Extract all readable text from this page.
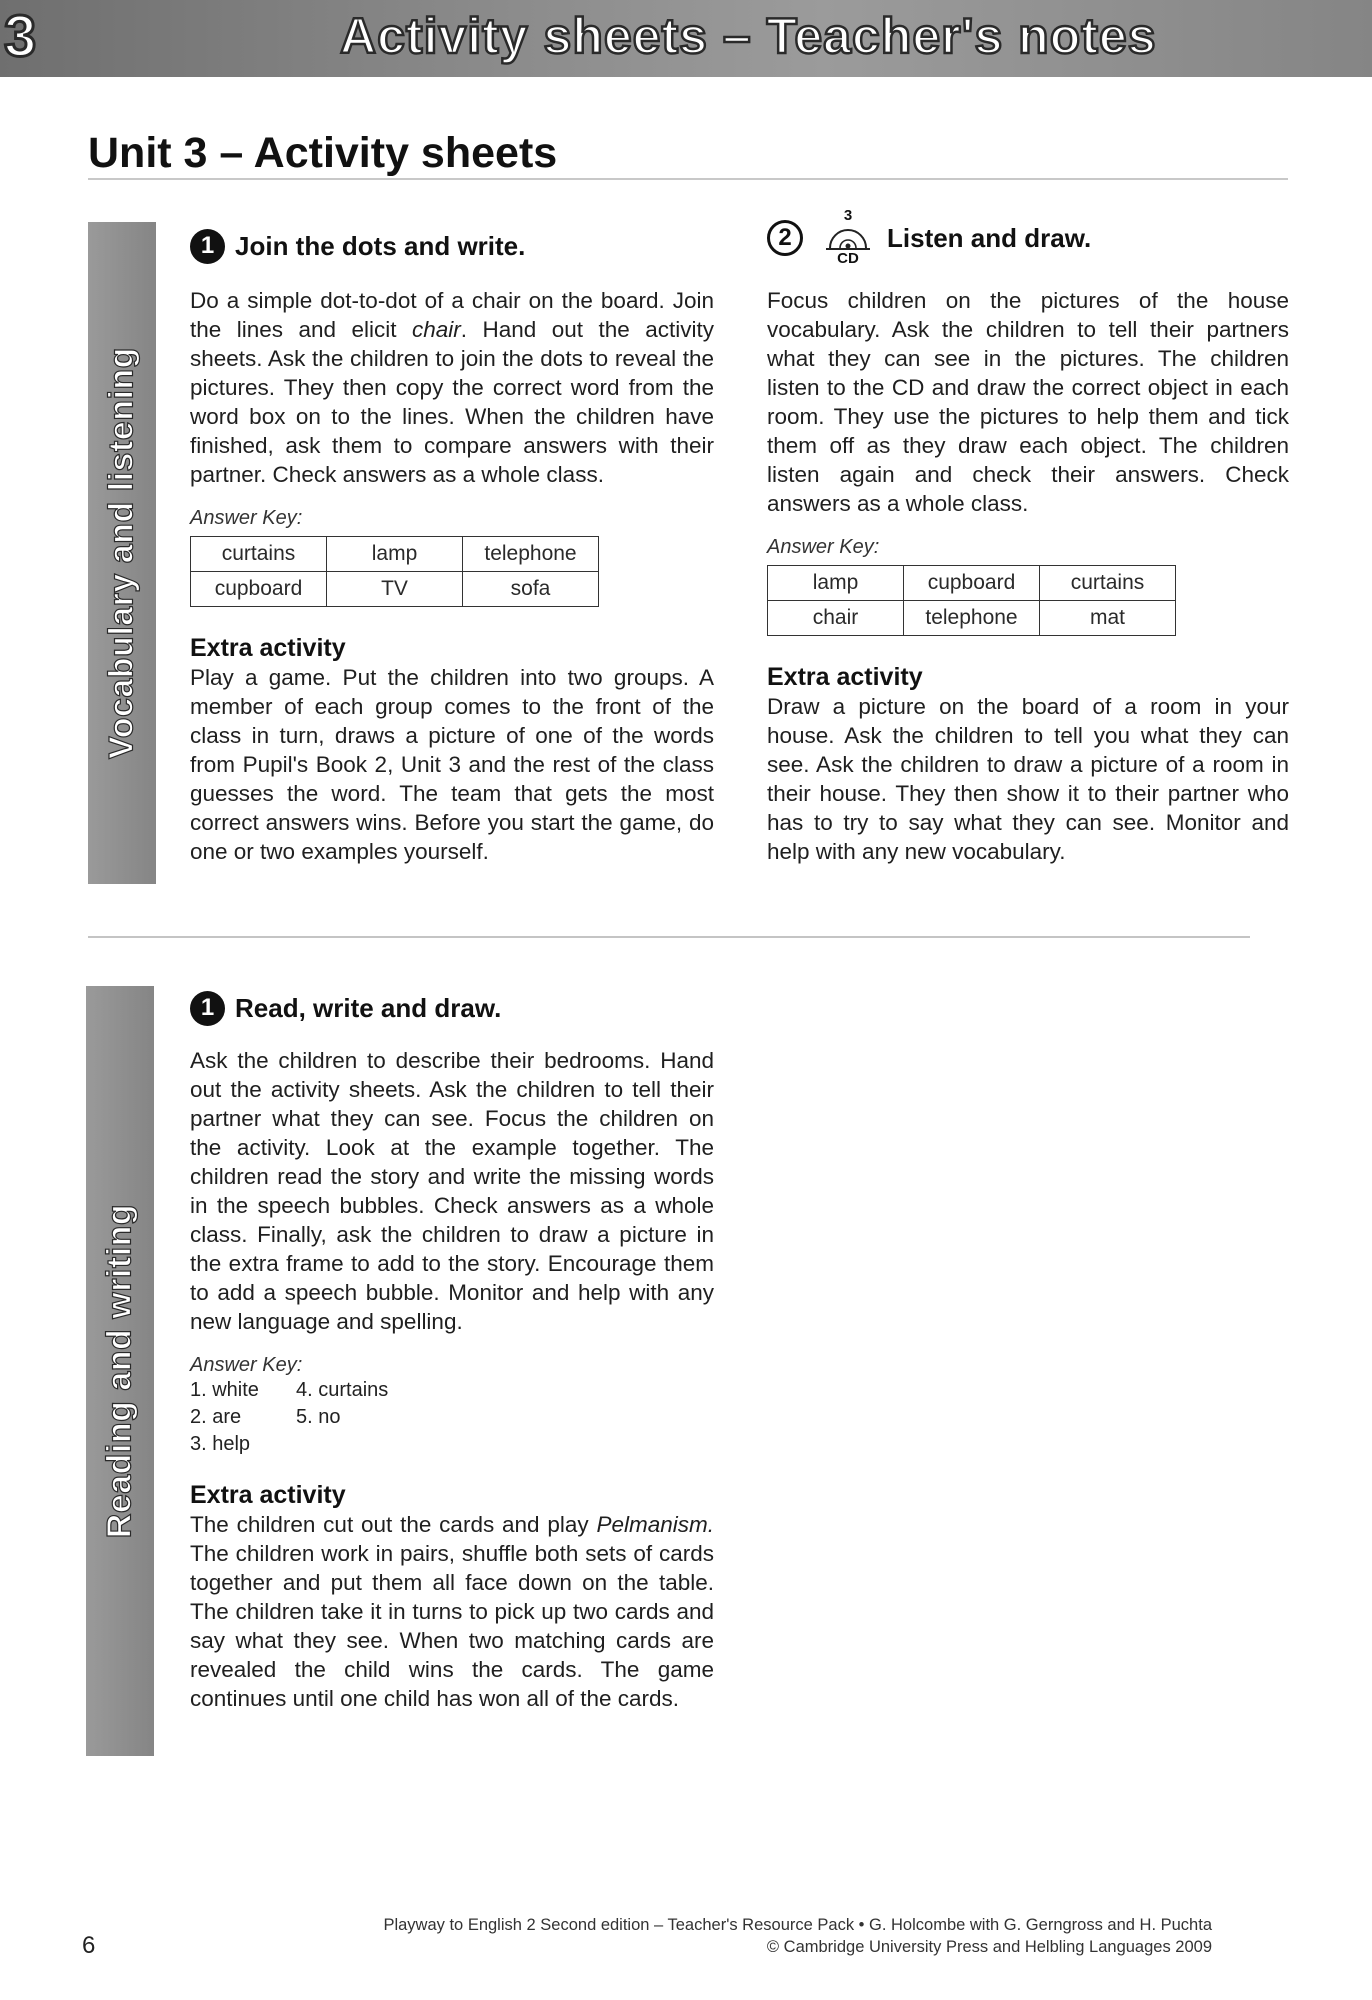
3	Activity sheets – Teacher's notes
Unit 3 – Activity sheets
Vocabulary and listening
Reading and writing
1 Join the dots and write.

Do a simple dot-to-dot of a chair on the board. Join the lines and elicit chair. Hand out the activity sheets. Ask the children to join the dots to reveal the pictures. They then copy the correct word from the word box on to the lines. When the children have finished, ask them to compare answers with their partner. Check answers as a whole class.

Answer Key:

curtains	lamp	telephone
cupboard	TV	sofa

Extra activity

Play a game. Put the children into two groups. A member of each group comes to the front of the class in turn, draws a picture of one of the words from Pupil's Book 2, Unit 3 and the rest of the class guesses the word. The team that gets the most correct answers wins. Before you start the game, do one or two examples yourself.

2
3
CD
Listen and draw.

Focus children on the pictures of the house vocabulary. Ask the children to tell their partners what they can see in the pictures. The children listen to the CD and draw the correct object in each room. They use the pictures to help them and tick them off as they draw each object. The children listen again and check their answers. Check answers as a whole class.

Answer Key:

lamp	cupboard	curtains
chair	telephone	mat

Extra activity

Draw a picture on the board of a room in your house. Ask the children to tell you what they can see. Ask the children to draw a picture of a room in their house. They then show it to their partner who has to try to say what they can see. Monitor and help with any new vocabulary.

1 Read, write and draw.

Ask the children to describe their bedrooms. Hand out the activity sheets. Ask the children to tell their partner what they can see. Focus the children on the activity. Look at the example together. The children read the story and write the missing words in the speech bubbles. Check answers as a whole class. Finally, ask the children to draw a picture in the extra frame to add to the story. Encourage them to add a speech bubble. Monitor and help with any new language and spelling.

Answer Key:

1. white	4. curtains
2. are	5. no
3. help

Extra activity

The children cut out the cards and play Pelmanism. The children work in pairs, shuffle both sets of cards together and put them all face down on the table. The children take it in turns to pick up two cards and say what they see. When two matching cards are revealed the child wins the cards. The game continues until one child has won all of the cards.

6
Playway to English 2 Second edition – Teacher's Resource Pack • G. Holcombe with G. Gerngross and H. Puchta
© Cambridge University Press and Helbling Languages 2009
